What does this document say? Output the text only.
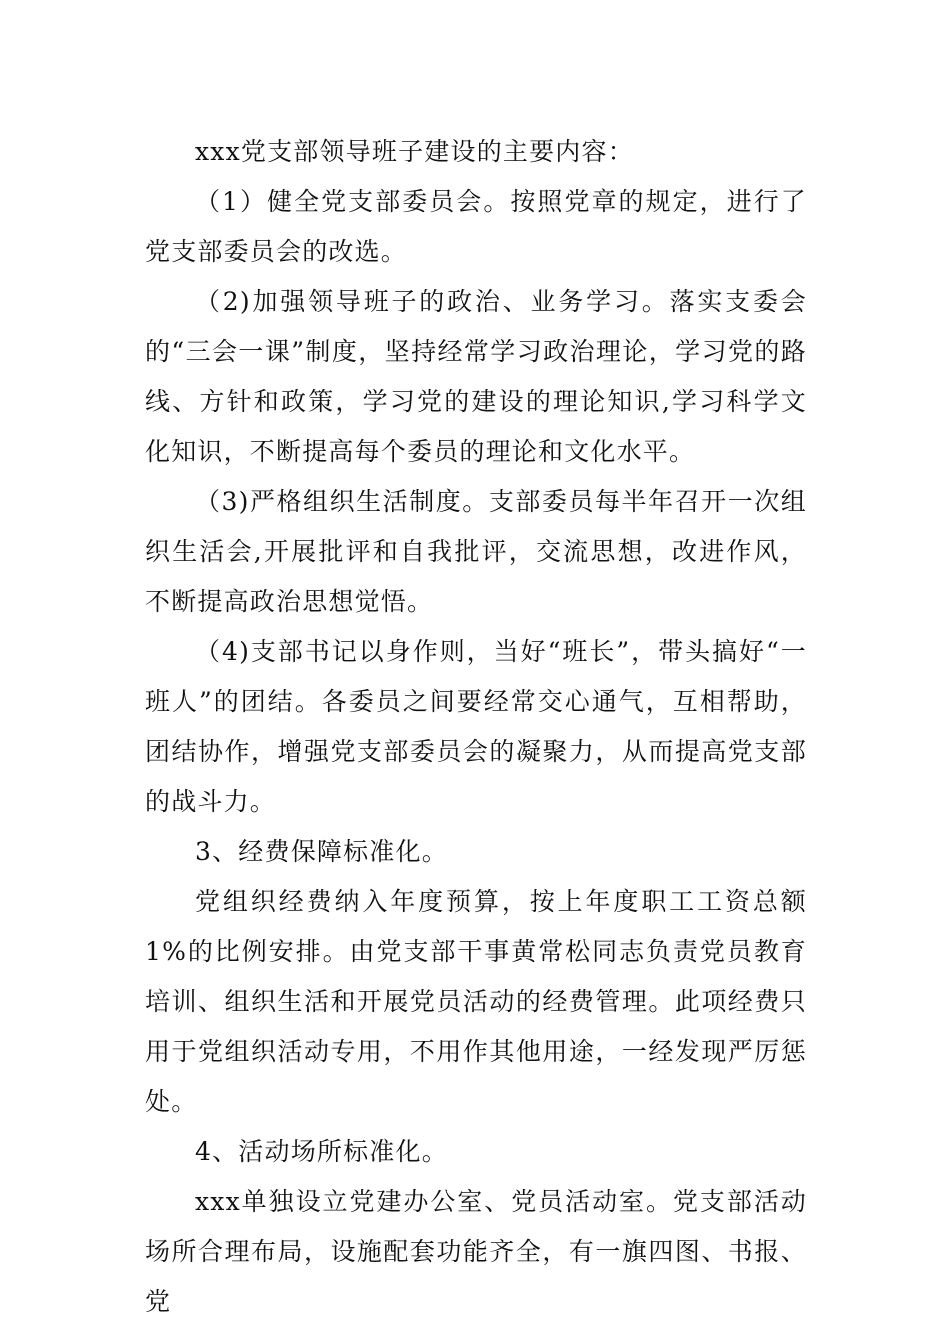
xxx党支部领导班子建设的主要内容：

（1）健全党支部委员会。按照党章的规定，进行了党支部委员会的改选。

（2)加强领导班子的政治、业务学习。落实支委会的“三会一课”制度，坚持经常学习政治理论，学习党的路线、方针和政策，学习党的建设的理论知识,学习科学文化知识，不断提高每个委员的理论和文化水平。

（3)严格组织生活制度。支部委员每半年召开一次组织生活会,开展批评和自我批评，交流思想，改进作风，不断提高政治思想觉悟。

（4)支部书记以身作则，当好“班长”，带头搞好“一班人”的团结。各委员之间要经常交心通气，互相帮助，团结协作，增强党支部委员会的凝聚力，从而提高党支部的战斗力。

3、经费保障标准化。

党组织经费纳入年度预算，按上年度职工工资总额1%的比例安排。由党支部干事黄常松同志负责党员教育培训、组织生活和开展党员活动的经费管理。此项经费只用于党组织活动专用，不用作其他用途，一经发现严厉惩处。

4、活动场所标准化。

xxx单独设立党建办公室、党员活动室。党支部活动场所合理布局，设施配套功能齐全，有一旗四图、书报、党
